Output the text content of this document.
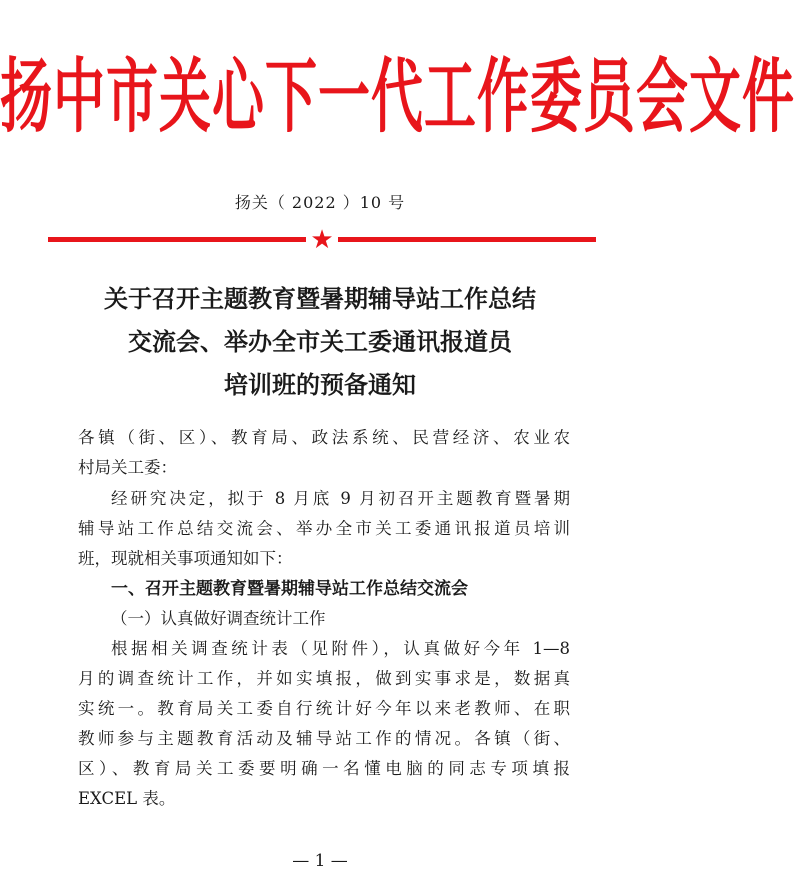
扬中市关心下一代工作委员会文件
扬关（ 2022 ）10 号
★
关于召开主题教育暨暑期辅导站工作总结
交流会、举办全市关工委通讯报道员
培训班的预备通知
各镇（街、区）、教育局、政法系统、民营经济、农业农
村局关工委：
经研究决定，拟于 8 月底 9 月初召开主题教育暨暑期
辅导站工作总结交流会、举办全市关工委通讯报道员培训
班，现就相关事项通知如下：
一、召开主题教育暨暑期辅导站工作总结交流会
（一）认真做好调查统计工作
根据相关调查统计表（见附件），认真做好今年 1—8
月的调查统计工作，并如实填报，做到实事求是，数据真
实统一。教育局关工委自行统计好今年以来老教师、在职
教师参与主题教育活动及辅导站工作的情况。各镇（街、
区）、教育局关工委要明确一名懂电脑的同志专项填报
EXCEL 表。
— 1 —
